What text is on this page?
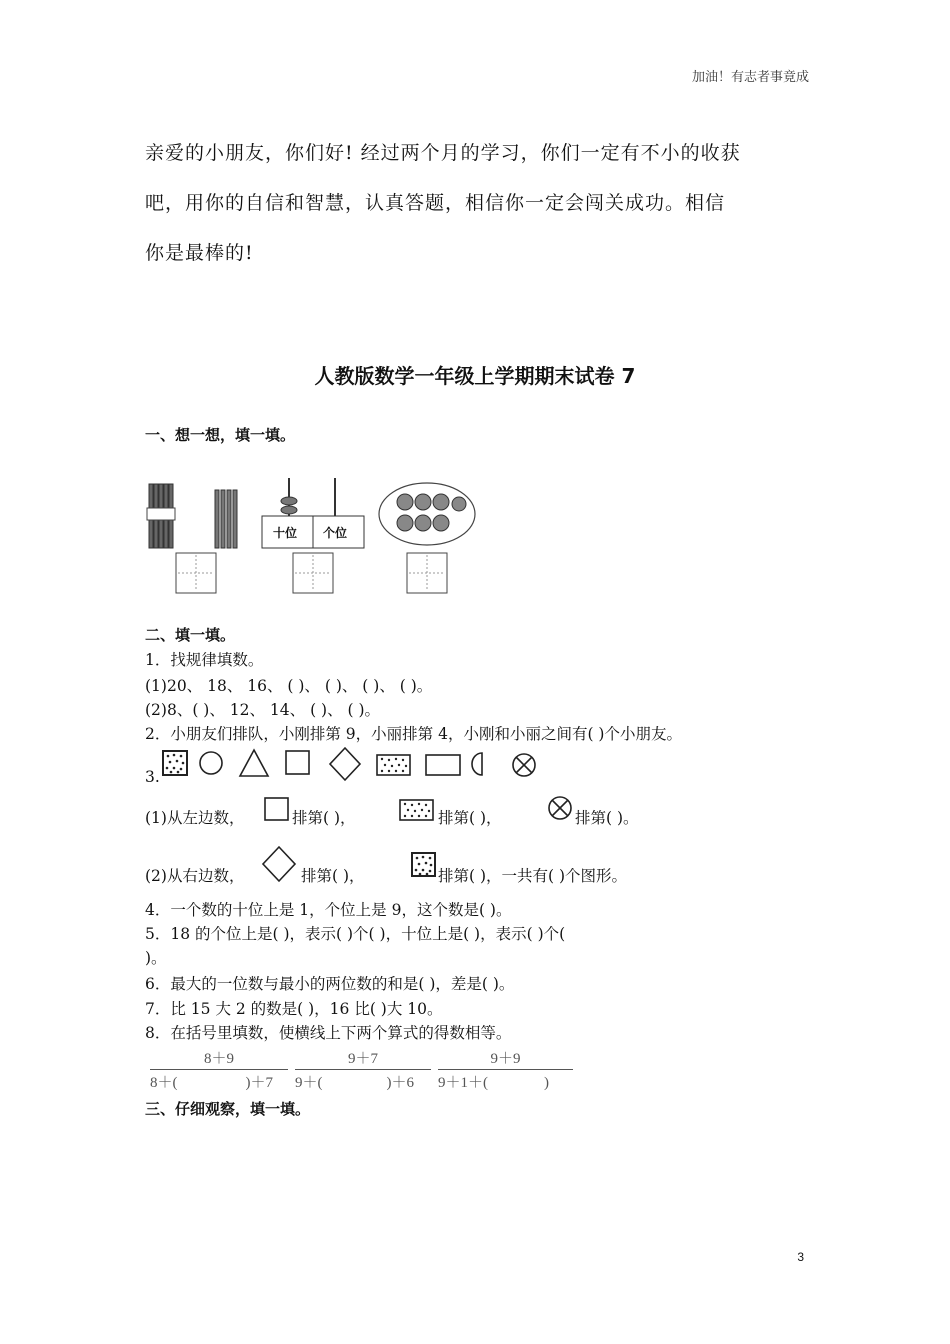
加油！有志者事竟成
亲爱的小朋友，你们好! 经过两个月的学习，你们一定有不小的收获
吧，用你的自信和智慧，认真答题，相信你一定会闯关成功。相信
你是最棒的!
人教版数学一年级上学期期末试卷 7
一、想一想，填一填。
十位 个位
二、填一填。
1．找规律填数。
(1)20、 18、 16、 ( )、 ( )、 ( )、 ( )。
(2)8、( )、 12、 14、 ( )、 ( )。
2．小朋友们排队，小刚排第 9，小丽排第 4，小刚和小丽之间有( )个小朋友。
3.
(1)从左边数，	排第( )，	排第( )，	排第( )。
(2)从右边数，	排第( )，	排第( )，一共有( )个图形。
4．一个数的十位上是 1，个位上是 9，这个数是( )。
5．18 的个位上是( )，表示( )个( )，十位上是( )，表示( )个(
)。
6．最大的一位数与最小的两位数的和是( )，差是( )。
7．比 15 大 2 的数是( )，16 比( )大 10。
8．在括号里填数，使横线上下两个算式的得数相等。
8＋9
8＋(	)＋7
9＋7
9＋(	)＋6
9＋9
9＋1＋(	)
三、仔细观察，填一填。
3
